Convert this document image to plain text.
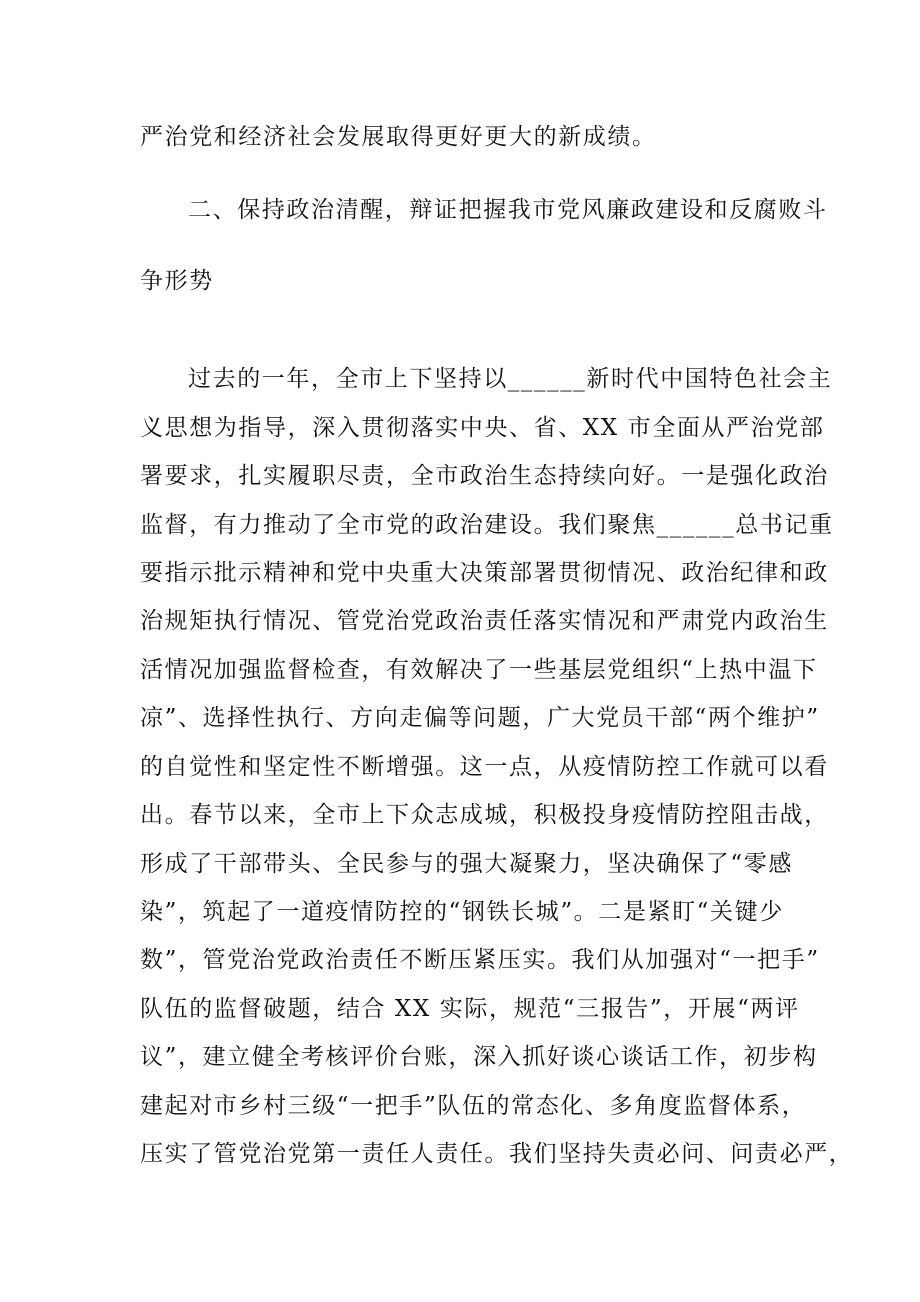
严治党和经济社会发展取得更好更大的新成绩。
二、保持政治清醒，辩证把握我市党风廉政建设和反腐败斗
争形势
过去的一年，全市上下坚持以______新时代中国特色社会主
义思想为指导，深入贯彻落实中央、省、XX 市全面从严治党部
署要求，扎实履职尽责，全市政治生态持续向好。一是强化政治
监督，有力推动了全市党的政治建设。我们聚焦______总书记重
要指示批示精神和党中央重大决策部署贯彻情况、政治纪律和政
治规矩执行情况、管党治党政治责任落实情况和严肃党内政治生
活情况加强监督检查，有效解决了一些基层党组织“上热中温下
凉”、选择性执行、方向走偏等问题，广大党员干部“两个维护”
的自觉性和坚定性不断增强。这一点，从疫情防控工作就可以看
出。春节以来，全市上下众志成城，积极投身疫情防控阻击战，
形成了干部带头、全民参与的强大凝聚力，坚决确保了“零感
染”，筑起了一道疫情防控的“钢铁长城”。二是紧盯“关键少
数”，管党治党政治责任不断压紧压实。我们从加强对“一把手”
队伍的监督破题，结合 XX 实际，规范“三报告”，开展“两评
议”，建立健全考核评价台账，深入抓好谈心谈话工作，初步构
建起对市乡村三级“一把手”队伍的常态化、多角度监督体系，
压实了管党治党第一责任人责任。我们坚持失责必问、问责必严，
